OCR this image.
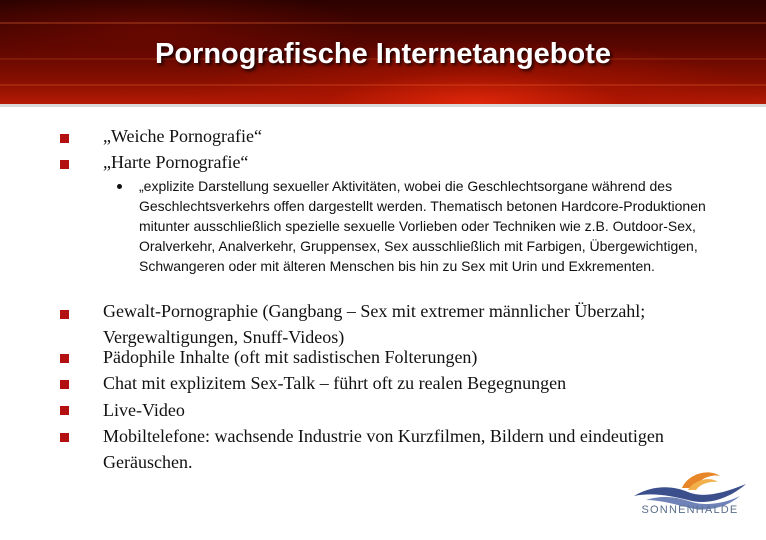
Pornografische Internetangebote
„Weiche Pornografie“
„Harte Pornografie“
„explizite Darstellung sexueller Aktivitäten, wobei die Geschlechtsorgane während des Geschlechtsverkehrs offen dargestellt werden. Thematisch betonen Hardcore-Produktionen mitunter ausschließlich spezielle sexuelle Vorlieben oder Techniken wie z.B. Outdoor-Sex, Oralverkehr, Analverkehr, Gruppensex, Sex ausschließlich mit Farbigen, Übergewichtigen, Schwangeren oder mit älteren Menschen bis hin zu Sex mit Urin und Exkrementen.
Gewalt-Pornographie (Gangbang – Sex mit extremer männlicher Überzahl; Vergewaltigungen, Snuff-Videos)
Pädophile Inhalte (oft mit sadistischen Folterungen)
Chat mit explizitem Sex-Talk – führt oft zu realen Begegnungen
Live-Video
Mobiltelefone: wachsende Industrie von Kurzfilmen, Bildern und eindeutigen Geräuschen.
SONNENHALDE
